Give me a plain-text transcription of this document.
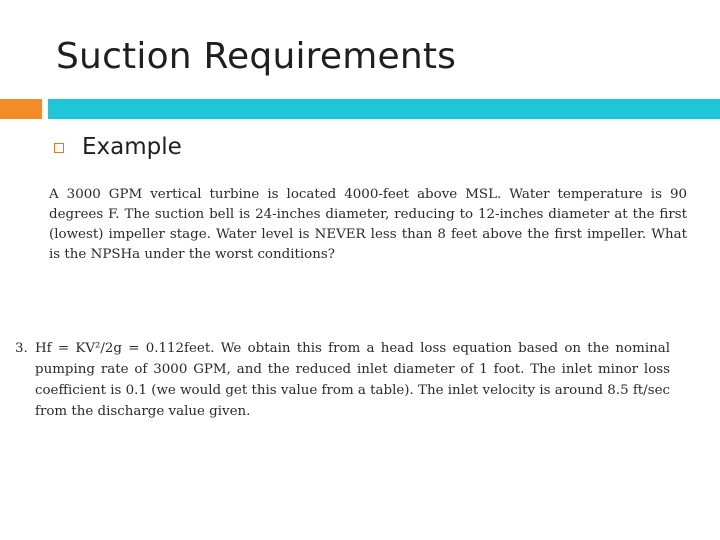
Suction Requirements
Example
A 3000 GPM vertical turbine is located 4000-feet above MSL. Water temperature is 90 degrees F. The suction bell is 24-inches diameter, reducing to 12-inches diameter at the first (lowest) impeller stage. Water level is NEVER less than 8 feet above the first impeller. What is the NPSHa under the worst conditions?
3. Hf = KV²/2g = 0.112feet. We obtain this from a head loss equation based on the nominal pumping rate of 3000 GPM, and the reduced inlet diameter of 1 foot. The inlet minor loss coefficient is 0.1 (we would get this value from a table). The inlet velocity is around 8.5 ft/sec from the discharge value given.
